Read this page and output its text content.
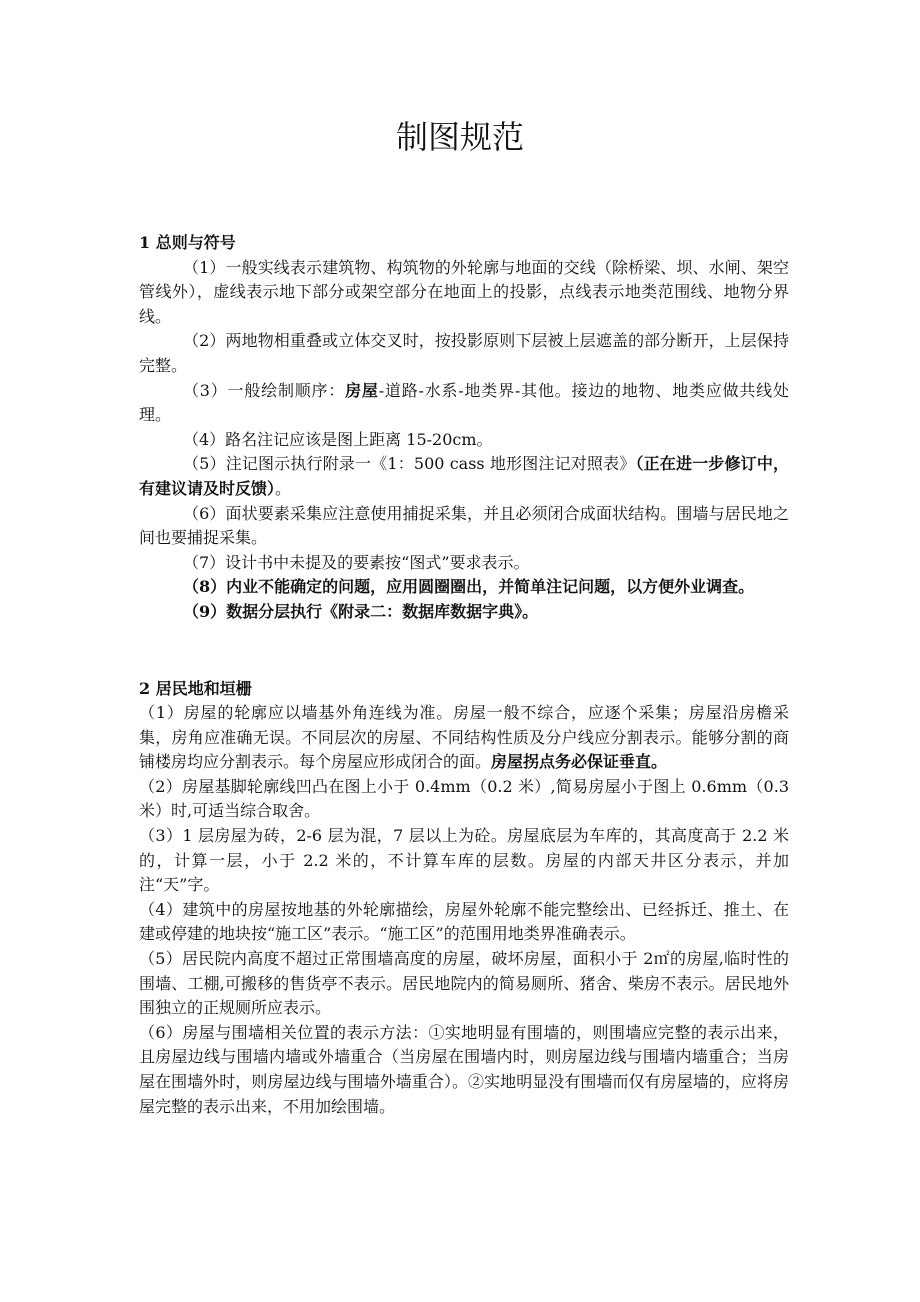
制图规范
1 总则与符号

（1）一般实线表示建筑物、构筑物的外轮廓与地面的交线（除桥梁、坝、水闸、架空管线外），虚线表示地下部分或架空部分在地面上的投影，点线表示地类范围线、地物分界线。

（2）两地物相重叠或立体交叉时，按投影原则下层被上层遮盖的部分断开，上层保持完整。

（3）一般绘制顺序：房屋-道路-水系-地类界-其他。接边的地物、地类应做共线处理。

（4）路名注记应该是图上距离 15-20cm。

（5）注记图示执行附录一《1：500 cass 地形图注记对照表》（正在进一步修订中，有建议请及时反馈）。

（6）面状要素采集应注意使用捕捉采集，并且必须闭合成面状结构。围墙与居民地之间也要捕捉采集。

（7）设计书中未提及的要素按“图式”要求表示。

（8）内业不能确定的问题，应用圆圈圈出，并简单注记问题，以方便外业调查。

（9）数据分层执行《附录二：数据库数据字典》。

2 居民地和垣栅

（1）房屋的轮廓应以墙基外角连线为准。房屋一般不综合，应逐个采集；房屋沿房檐采集，房角应准确无误。不同层次的房屋、不同结构性质及分户线应分割表示。能够分割的商铺楼房均应分割表示。每个房屋应形成闭合的面。房屋拐点务必保证垂直。

（2）房屋基脚轮廓线凹凸在图上小于 0.4mm（0.2 米）,简易房屋小于图上 0.6mm（0.3 米）时,可适当综合取舍。

（3）1 层房屋为砖，2-6 层为混，7 层以上为砼。房屋底层为车库的，其高度高于 2.2 米的，计算一层，小于 2.2 米的，不计算车库的层数。房屋的内部天井区分表示，并加注“天”字。

（4）建筑中的房屋按地基的外轮廓描绘，房屋外轮廓不能完整绘出、已经拆迁、推土、在建或停建的地块按“施工区”表示。“施工区”的范围用地类界准确表示。

（5）居民院内高度不超过正常围墙高度的房屋，破坏房屋，面积小于 2㎡的房屋,临时性的围墙、工棚,可搬移的售货亭不表示。居民地院内的简易厕所、猪舍、柴房不表示。居民地外围独立的正规厕所应表示。

（6）房屋与围墙相关位置的表示方法：①实地明显有围墙的，则围墙应完整的表示出来，且房屋边线与围墙内墙或外墙重合（当房屋在围墙内时，则房屋边线与围墙内墙重合；当房屋在围墙外时，则房屋边线与围墙外墙重合）。②实地明显没有围墙而仅有房屋墙的，应将房屋完整的表示出来，不用加绘围墙。
